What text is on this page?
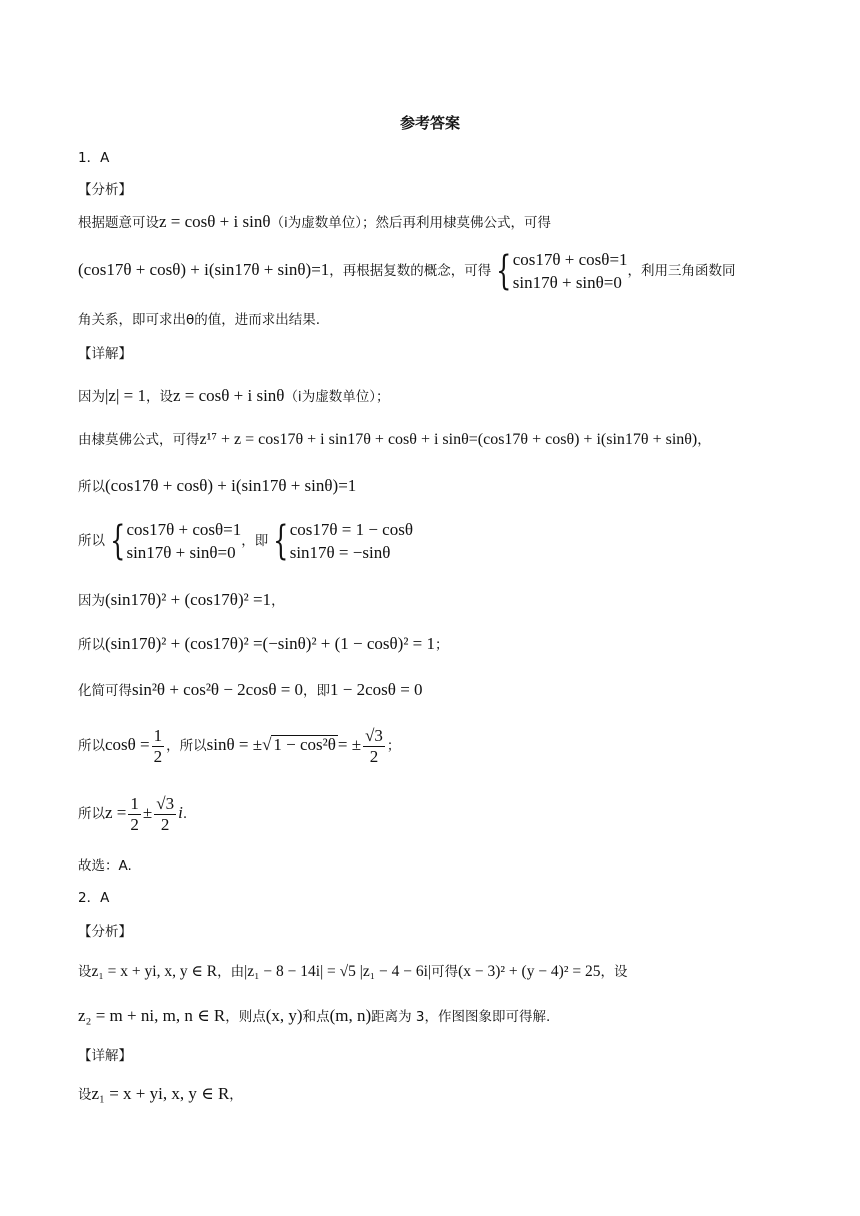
参考答案
1．A
【分析】
根据题意可设z = cosθ + i sinθ（i为虚数单位）；然后再利用棣莫佛公式，可得
(cos17θ + cosθ) + i(sin17θ + sinθ)=1，再根据复数的概念，可得 { cos17θ + cosθ=1
sin17θ + sinθ=0
，利用三角函数同
角关系，即可求出θ的值，进而求出结果.
【详解】
因为|z| = 1，设z = cosθ + i sinθ（i为虚数单位）；
由棣莫佛公式，可得z¹⁷ + z = cos17θ + i sin17θ + cosθ + i sinθ=(cos17θ + cosθ) + i(sin17θ + sinθ)，
所以(cos17θ + cosθ) + i(sin17θ + sinθ)=1
所以 { cos17θ + cosθ=1
sin17θ + sinθ=0
，即 { cos17θ = 1 − cosθ
sin17θ = −sinθ
因为(sin17θ)² + (cos17θ)² =1，
所以(sin17θ)² + (cos17θ)² =(−sinθ)² + (1 − cosθ)² = 1；
化简可得sin²θ + cos²θ − 2cosθ = 0，即1 − 2cosθ = 0
所以$\cos\theta = \frac{1}{2}$ ，所以sinθ = ±√ 1 − cos²θ = ± $\frac{√3}{2}$ ；
所以$z = \frac{1}{2} \pm \frac{√3}{2} i$.
故选：A.
2．A
【分析】
设z₁ = x + yi, x, y ∈ R，由|z₁ − 8 − 14i| = √5 |z₁ − 4 − 6i|可得(x − 3)² + (y − 4)² = 25，设
z₂ = m + ni, m, n ∈ R，则点(x, y)和点(m, n)距离为 3，作图图象即可得解.
【详解】
设z₁ = x + yi, x, y ∈ R，
